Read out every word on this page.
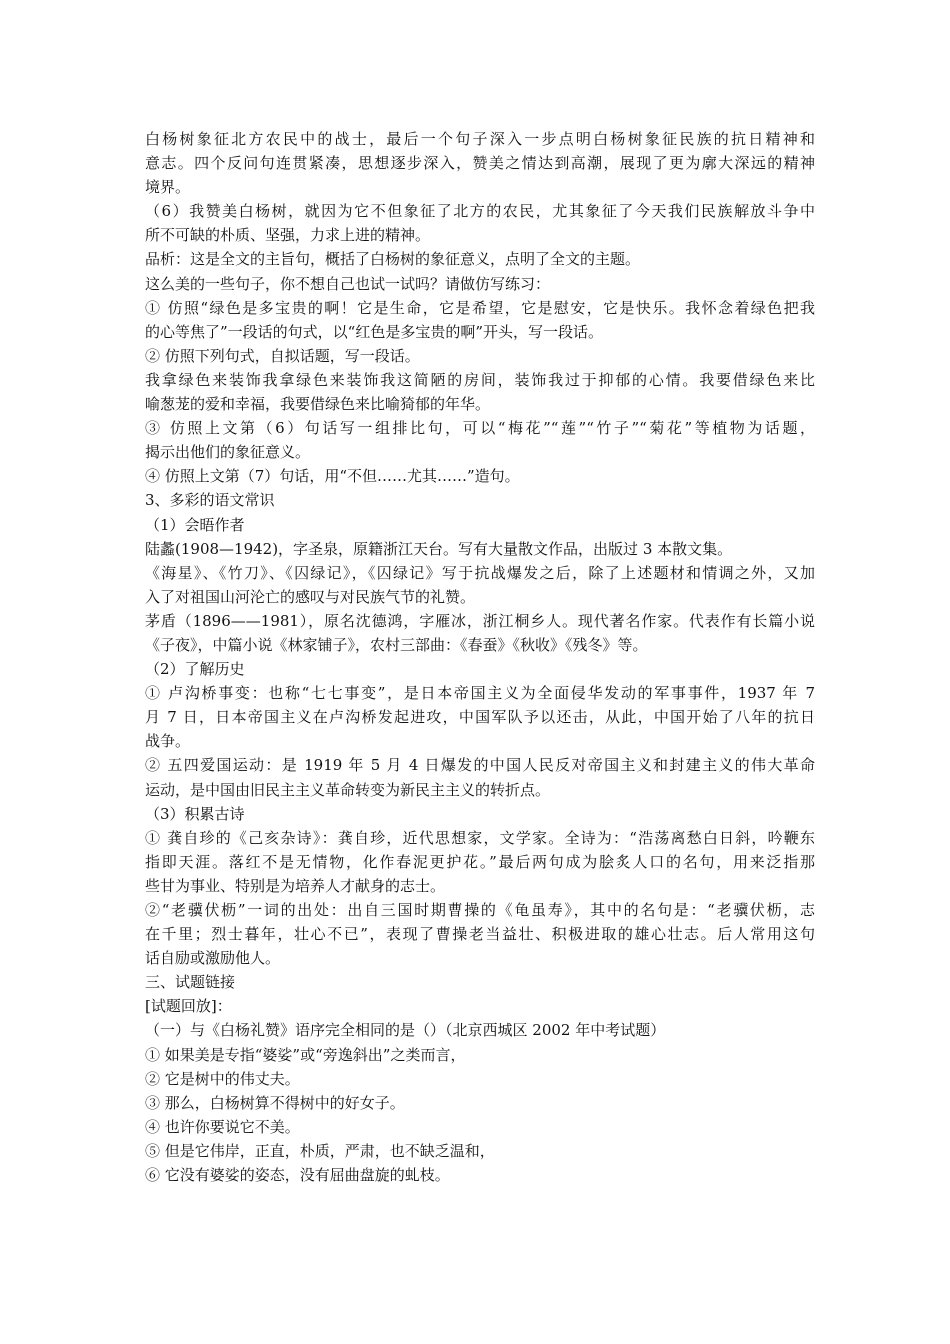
白杨树象征北方农民中的战士，最后一个句子深入一步点明白杨树象征民族的抗日精神和
意志。四个反问句连贯紧凑，思想逐步深入，赞美之情达到高潮，展现了更为廓大深远的精神
境界。
（6）我赞美白杨树，就因为它不但象征了北方的农民，尤其象征了今天我们民族解放斗争中
所不可缺的朴质、坚强，力求上进的精神。
品析：这是全文的主旨句，概括了白杨树的象征意义，点明了全文的主题。
这么美的一些句子，你不想自己也试一试吗？请做仿写练习：
① 仿照“绿色是多宝贵的啊！它是生命，它是希望，它是慰安，它是快乐。我怀念着绿色把我
的心等焦了”一段话的句式，以“红色是多宝贵的啊”开头，写一段话。
② 仿照下列句式，自拟话题，写一段话。
我拿绿色来装饰我拿绿色来装饰我这简陋的房间，装饰我过于抑郁的心情。我要借绿色来比
喻葱茏的爱和幸福，我要借绿色来比喻猗郁的年华。
③ 仿照上文第（6）句话写一组排比句，可以“梅花”“莲”“竹子”“菊花”等植物为话题，
揭示出他们的象征意义。
④ 仿照上文第（7）句话，用“不但……尤其……”造句。
3、多彩的语文常识
（1）会晤作者
陆蠡(1908—1942)，字圣泉，原籍浙江天台。写有大量散文作品，出版过 3 本散文集。
《海星》、《竹刀》、《囚绿记》，《囚绿记》写于抗战爆发之后，除了上述题材和情调之外，又加
入了对祖国山河沦亡的感叹与对民族气节的礼赞。
茅盾（1896——1981），原名沈德鸿，字雁冰，浙江桐乡人。现代著名作家。代表作有长篇小说
《子夜》，中篇小说《林家铺子》，农村三部曲：《春蚕》《秋收》《残冬》等。
（2）了解历史
① 卢沟桥事变：也称“七七事变”，是日本帝国主义为全面侵华发动的军事事件，1937 年 7
月 7 日，日本帝国主义在卢沟桥发起进攻，中国军队予以还击，从此，中国开始了八年的抗日
战争。
② 五四爱国运动：是 1919 年 5 月 4 日爆发的中国人民反对帝国主义和封建主义的伟大革命
运动，是中国由旧民主主义革命转变为新民主主义的转折点。
（3）积累古诗
① 龚自珍的《己亥杂诗》：龚自珍，近代思想家，文学家。全诗为：“浩荡离愁白日斜，吟鞭东
指即天涯。落红不是无情物，化作春泥更护花。”最后两句成为脍炙人口的名句，用来泛指那
些甘为事业、特别是为培养人才献身的志士。
②“老骥伏枥”一词的出处：出自三国时期曹操的《龟虽寿》，其中的名句是：“老骥伏枥，志
在千里；烈士暮年，壮心不已”，表现了曹操老当益壮、积极进取的雄心壮志。后人常用这句
话自励或激励他人。
三、试题链接
[试题回放]：
（一）与《白杨礼赞》语序完全相同的是（）（北京西城区 2002 年中考试题）
① 如果美是专指“婆娑”或“旁逸斜出”之类而言，
② 它是树中的伟丈夫。
③ 那么，白杨树算不得树中的好女子。
④ 也许你要说它不美。
⑤ 但是它伟岸，正直，朴质，严肃，也不缺乏温和，
⑥ 它没有婆娑的姿态，没有屈曲盘旋的虬枝。
